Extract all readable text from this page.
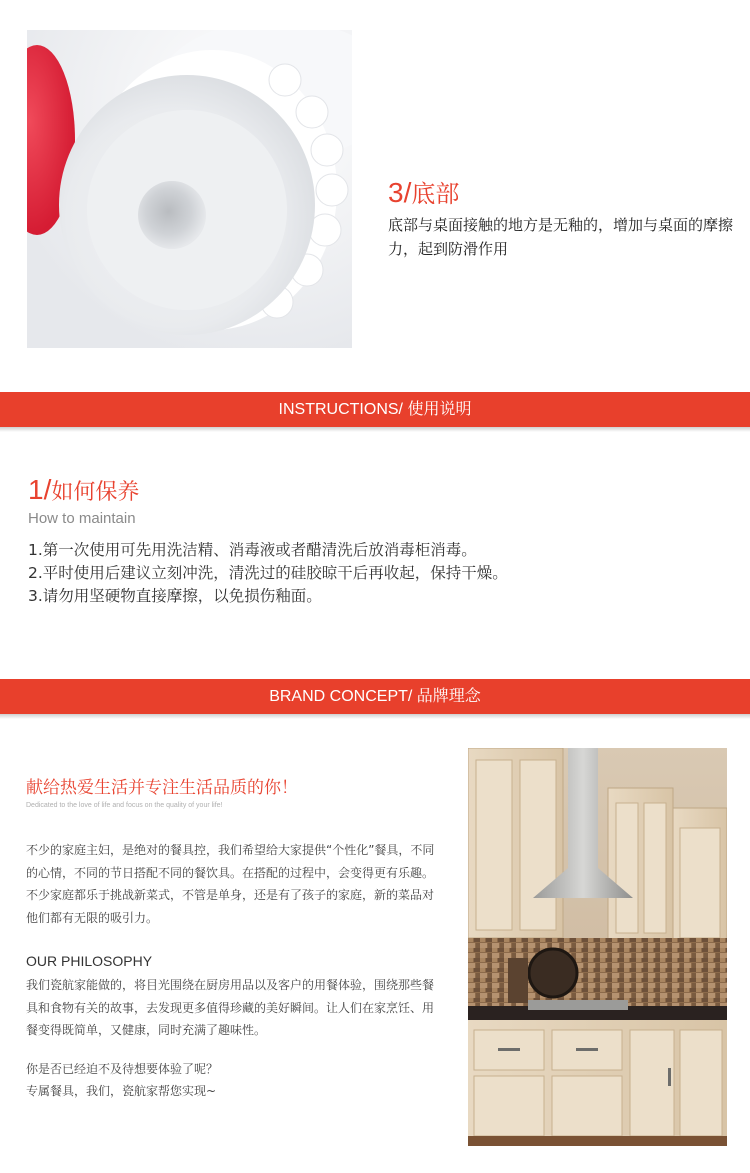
3/底部
底部与桌面接触的地方是无釉的，增加与桌面的摩擦力，起到防滑作用
INSTRUCTIONS/ 使用说明
1/如何保养
How to maintain
1.第一次使用可先用洗洁精、消毒液或者醋清洗后放消毒柜消毒。
2.平时使用后建议立刻冲洗，清洗过的硅胶晾干后再收起，保持干燥。
3.请勿用坚硬物直接摩擦，以免损伤釉面。
BRAND CONCEPT/ 品牌理念
献给热爱生活并专注生活品质的你！
Dedicated to the love of life and focus on the quality of your life!

不少的家庭主妇，是绝对的餐具控，我们希望给大家提供“个性化”餐具，不同的心情，不同的节日搭配不同的餐饮具。在搭配的过程中，会变得更有乐趣。不少家庭都乐于挑战新菜式，不管是单身，还是有了孩子的家庭，新的菜品对他们都有无限的吸引力。

OUR PHILOSOPHY

我们瓷航家能做的，将目光围绕在厨房用品以及客户的用餐体验，围绕那些餐具和食物有关的故事，去发现更多值得珍藏的美好瞬间。让人们在家烹饪、用餐变得既简单，又健康，同时充满了趣味性。

你是否已经迫不及待想要体验了呢？
专属餐具，我们，瓷航家帮您实现~
